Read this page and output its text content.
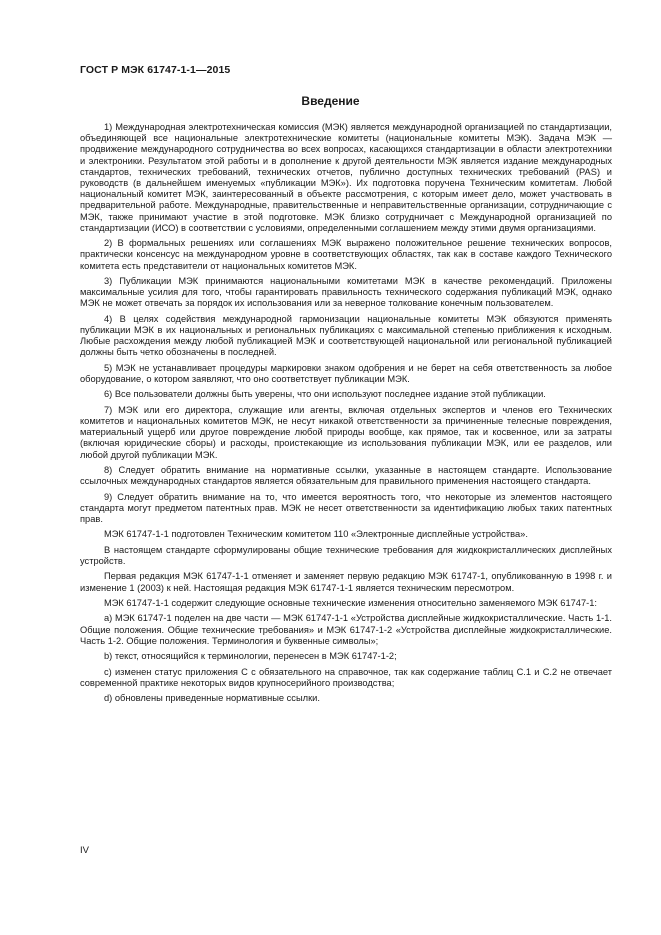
ГОСТ Р МЭК 61747-1-1—2015
Введение

1) Международная электротехническая комиссия (МЭК) является международной организацией по стандартизации, объединяющей все национальные электротехнические комитеты (национальные комитеты МЭК). Задача МЭК — продвижение международного сотрудничества во всех вопросах, касающихся стандартизации в области электротехники и электроники. Результатом этой работы и в дополнение к другой деятельности МЭК является издание международных стандартов, технических требований, технических отчетов, публично доступных технических требований (PAS) и руководств (в дальнейшем именуемых «публикации МЭК»). Их подготовка поручена Техническим комитетам. Любой национальный комитет МЭК, заинтересованный в объекте рассмотрения, с которым имеет дело, может участвовать в предварительной работе. Международные, правительственные и неправительственные организации, сотрудничающие с МЭК, также принимают участие в этой подготовке. МЭК близко сотрудничает с Международной организацией по стандартизации (ИСО) в соответствии с условиями, определенными соглашением между этими двумя организациями.

2) В формальных решениях или соглашениях МЭК выражено положительное решение технических вопросов, практически консенсус на международном уровне в соответствующих областях, так как в составе каждого Технического комитета есть представители от национальных комитетов МЭК.

3) Публикации МЭК принимаются национальными комитетами МЭК в качестве рекомендаций. Приложены максимальные усилия для того, чтобы гарантировать правильность технического содержания публикаций МЭК, однако МЭК не может отвечать за порядок их использования или за неверное толкование конечным пользователем.

4) В целях содействия международной гармонизации национальные комитеты МЭК обязуются применять публикации МЭК в их национальных и региональных публикациях с максимальной степенью приближения к исходным. Любые расхождения между любой публикацией МЭК и соответствующей национальной или региональной публикацией должны быть четко обозначены в последней.

5) МЭК не устанавливает процедуры маркировки знаком одобрения и не берет на себя ответственность за любое оборудование, о котором заявляют, что оно соответствует публикации МЭК.

6) Все пользователи должны быть уверены, что они используют последнее издание этой публикации.

7) МЭК или его директора, служащие или агенты, включая отдельных экспертов и членов его Технических комитетов и национальных комитетов МЭК, не несут никакой ответственности за причиненные телесные повреждения, материальный ущерб или другое повреждение любой природы вообще, как прямое, так и косвенное, или за затраты (включая юридические сборы) и расходы, проистекающие из использования публикации МЭК, или ее разделов, или любой другой публикации МЭК.

8) Следует обратить внимание на нормативные ссылки, указанные в настоящем стандарте. Использование ссылочных международных стандартов является обязательным для правильного применения настоящего стандарта.

9) Следует обратить внимание на то, что имеется вероятность того, что некоторые из элементов настоящего стандарта могут предметом патентных прав. МЭК не несет ответственности за идентификацию любых таких патентных прав.

МЭК 61747-1-1 подготовлен Техническим комитетом 110 «Электронные дисплейные устройства».

В настоящем стандарте сформулированы общие технические требования для жидкокристаллических дисплейных устройств.

Первая редакция МЭК 61747-1-1 отменяет и заменяет первую редакцию МЭК 61747-1, опубликованную в 1998 г. и изменение 1 (2003) к ней. Настоящая редакция МЭК 61747-1-1 является техническим пересмотром.

МЭК 61747-1-1 содержит следующие основные технические изменения относительно заменяемого МЭК 61747-1:

a) МЭК 61747-1 поделен на две части — МЭК 61747-1-1 «Устройства дисплейные жидкокристаллические. Часть 1-1. Общие положения. Общие технические требования» и МЭК 61747-1-2 «Устройства дисплейные жидкокристаллические. Часть 1-2. Общие положения. Терминология и буквенные символы»;

b) текст, относящийся к терминологии, перенесен в МЭК 61747-1-2;

c) изменен статус приложения С с обязательного на справочное, так как содержание таблиц С.1 и С.2 не отвечает современной практике некоторых видов крупносерийного производства;

d) обновлены приведенные нормативные ссылки.

IV
